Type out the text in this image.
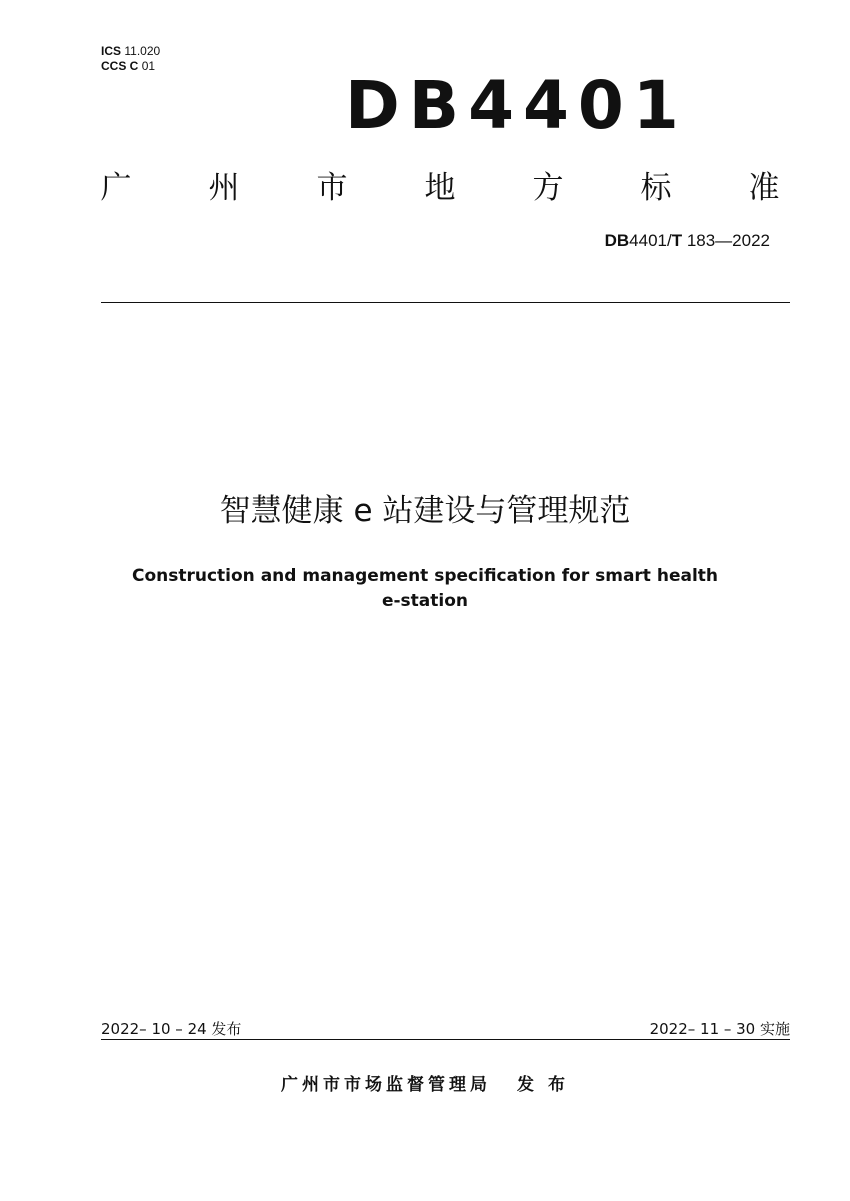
ICS 11.020
CCS C 01
DB4401
广 州 市 地 方 标 准
DB4401/T 183—2022
智慧健康 e 站建设与管理规范
Construction and management specification for smart health
e-station
2022– 10 – 24 发布	2022– 11 – 30 实施
广州市市场监督管理局 发 布
